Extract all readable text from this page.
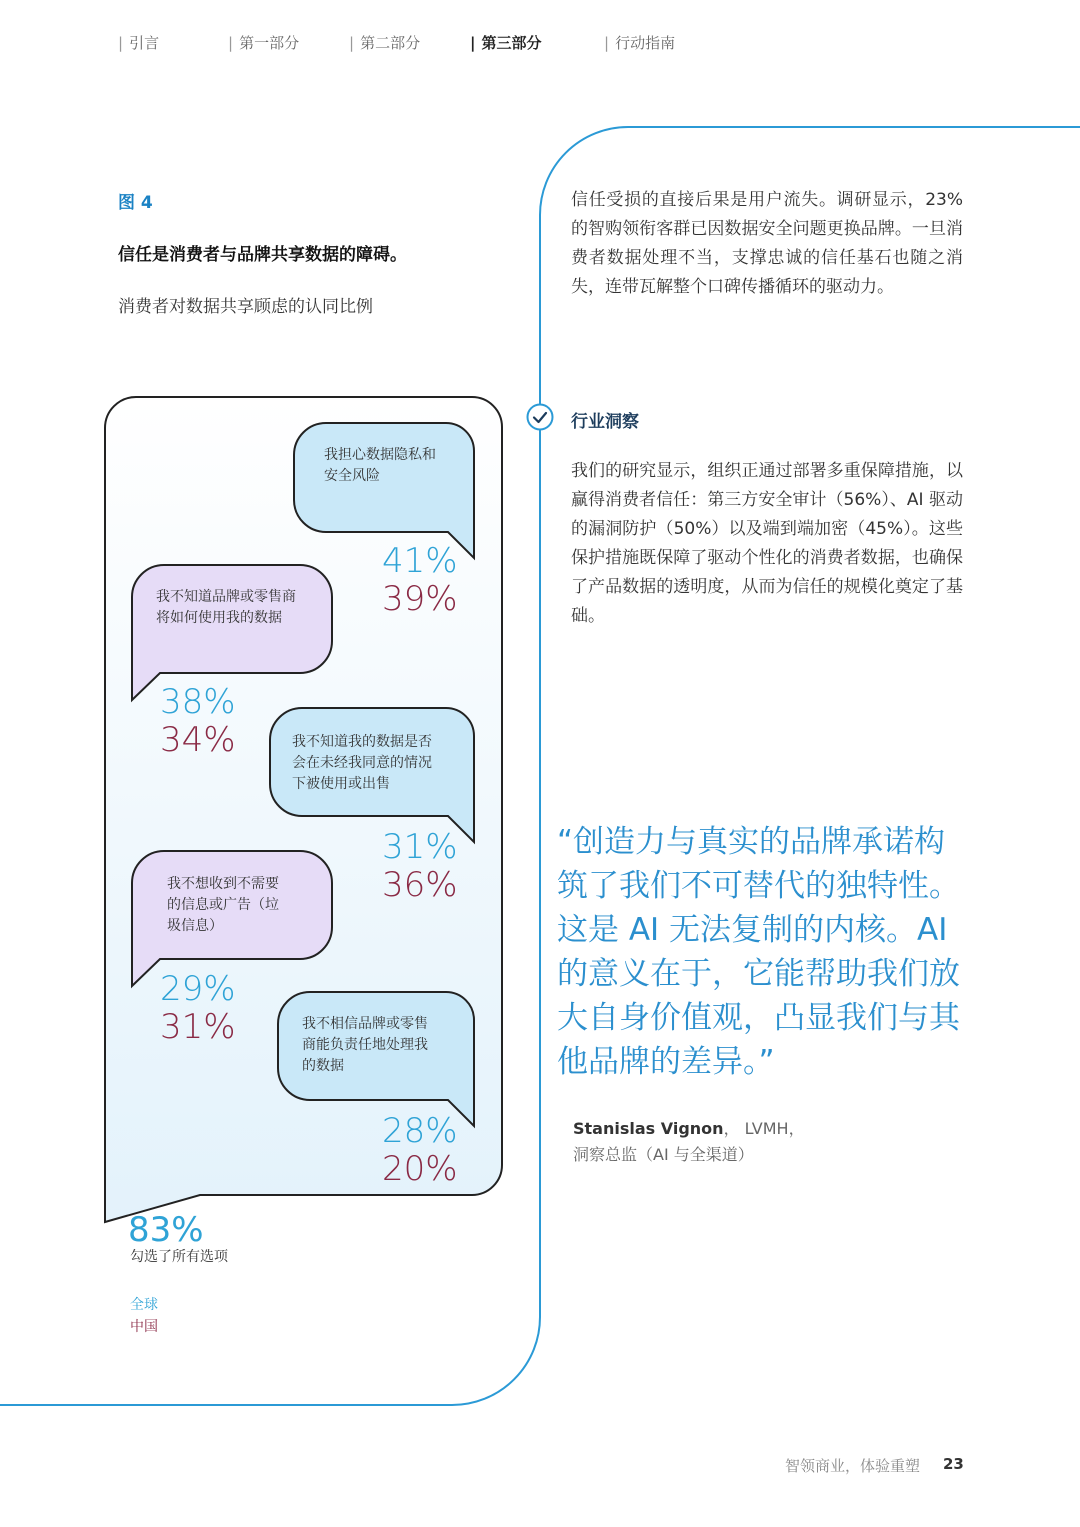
| 引言	| 第一部分	| 第二部分	| 第三部分	| 行动指南
图 4
信任是消费者与品牌共享数据的障碍。
消费者对数据共享顾虑的认同比例
我担心数据隐私和
安全风险
我不知道品牌或零售商
将如何使用我的数据
我不知道我的数据是否
会在未经我同意的情况
下被使用或出售
我不想收到不需要
的信息或广告（垃
圾信息）
我不相信品牌或零售
商能负责任地处理我
的数据
41%
39%
38%
34%
31%
36%
29%
31%
28%
20%
83%
勾选了所有选项
全球
中国
信任受损的直接后果是用户流失。调研显示，23% 的智购领衔客群已因数据安全问题更换品牌。一旦消费者数据处理不当，支撑忠诚的信任基石也随之消失，连带瓦解整个口碑传播循环的驱动力。
行业洞察
我们的研究显示，组织正通过部署多重保障措施，以赢得消费者信任：第三方安全审计（56%）、AI 驱动的漏洞防护（50%）以及端到端加密（45%）。这些保护措施既保障了驱动个性化的消费者数据，也确保了产品数据的透明度，从而为信任的规模化奠定了基础。
“创造力与真实的品牌承诺构筑了我们不可替代的独特性。这是 AI 无法复制的内核。AI 的意义在于，它能帮助我们放大自身价值观，凸显我们与其他品牌的差异。”
Stanislas Vignon， LVMH，
洞察总监（AI 与全渠道）
智领商业，体验重塑 23
